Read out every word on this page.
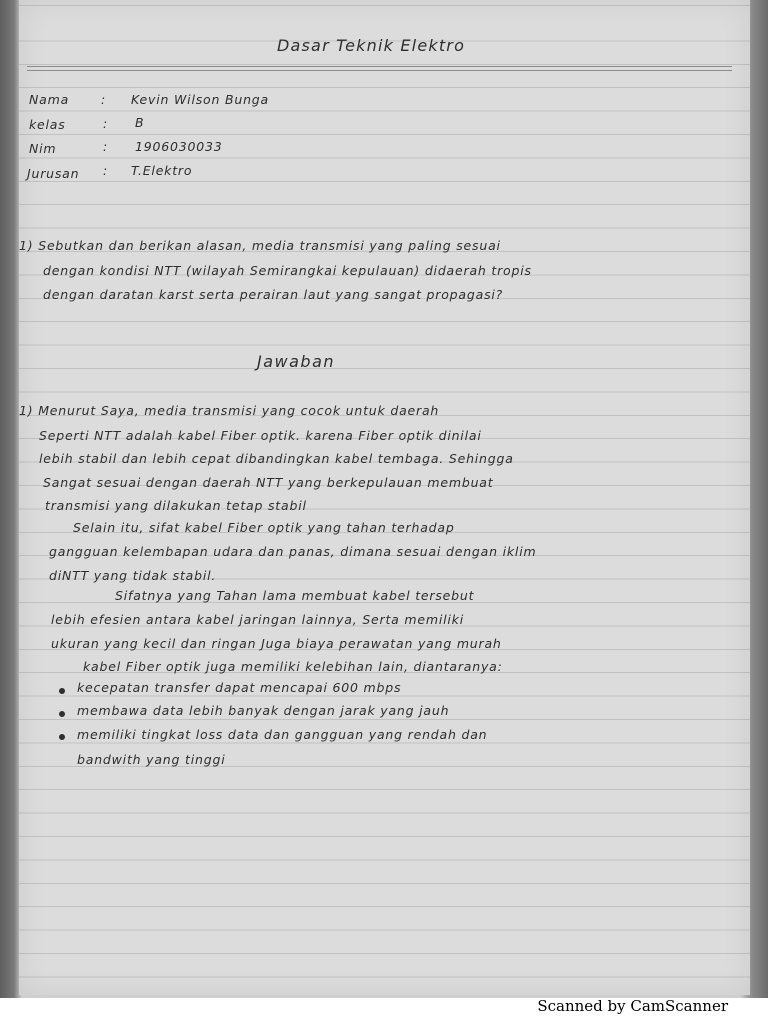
Dasar Teknik Elektro
Nama	: Kevin Wilson Bunga
kelas	: B
Nim	: 1906030033
Jurusan : T.Elektro
1) Sebutkan dan berikan alasan, media transmisi yang paling sesuai
dengan kondisi NTT (wilayah Semirangkai kepulauan) didaerah tropis
dengan daratan karst serta perairan laut yang sangat propagasi?
Jawaban
1) Menurut Saya, media transmisi yang cocok untuk daerah
Seperti NTT adalah kabel Fiber optik. karena Fiber optik dinilai
lebih stabil dan lebih cepat dibandingkan kabel tembaga. Sehingga
Sangat sesuai dengan daerah NTT yang berkepulauan membuat
transmisi yang dilakukan tetap stabil
Selain itu, sifat kabel Fiber optik yang tahan terhadap
gangguan kelembapan udara dan panas, dimana sesuai dengan iklim
diNTT yang tidak stabil.
Sifatnya yang Tahan lama membuat kabel tersebut
lebih efesien antara kabel jaringan lainnya, Serta memiliki
ukuran yang kecil dan ringan Juga biaya perawatan yang murah
kabel Fiber optik juga memiliki kelebihan lain, diantaranya:
kecepatan transfer dapat mencapai 600 mbps
membawa data lebih banyak dengan jarak yang jauh
memiliki tingkat loss data dan gangguan yang rendah dan
bandwith yang tinggi
Scanned by CamScanner
